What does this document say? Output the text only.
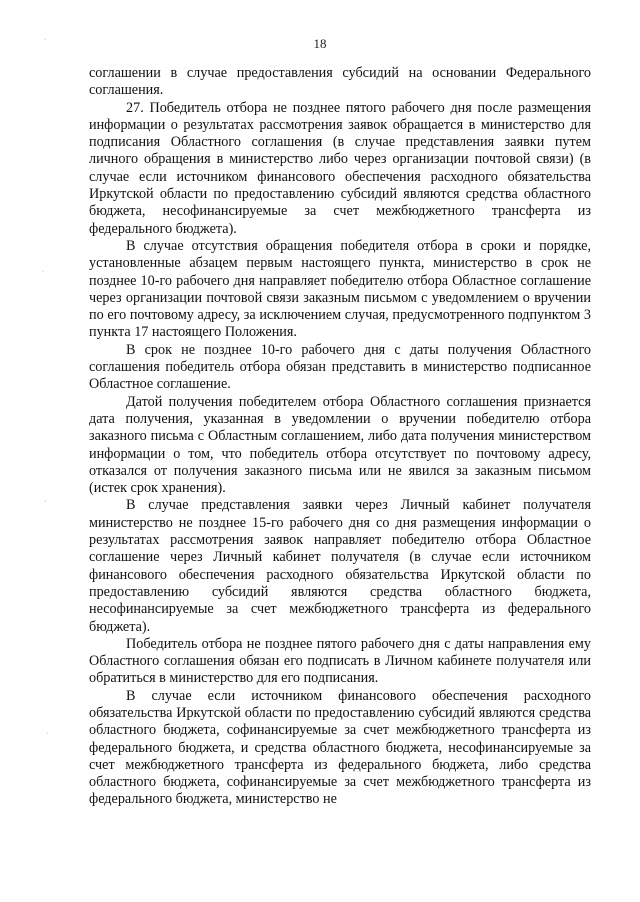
18
·
·
·
·

соглашении в случае предоставления субсидий на основании Федерального соглашения.

27. Победитель отбора не позднее пятого рабочего дня после размещения информации о результатах рассмотрения заявок обращается в министерство для подписания Областного соглашения (в случае представления заявки путем личного обращения в министерство либо через организации почтовой связи) (в случае если источником финансового обеспечения расходного обязательства Иркутской области по предоставлению субсидий являются средства областного бюджета, несофинансируемые за счет межбюджетного трансферта из федерального бюджета).

В случае отсутствия обращения победителя отбора в сроки и порядке, установленные абзацем первым настоящего пункта, министерство в срок не позднее 10-го рабочего дня направляет победителю отбора Областное соглашение через организации почтовой связи заказным письмом с уведомлением о вручении по его почтовому адресу, за исключением случая, предусмотренного подпунктом 3 пункта 17 настоящего Положения.

В срок не позднее 10-го рабочего дня с даты получения Областного соглашения победитель отбора обязан представить в министерство подписанное Областное соглашение.

Датой получения победителем отбора Областного соглашения признается дата получения, указанная в уведомлении о вручении победителю отбора заказного письма с Областным соглашением, либо дата получения министерством информации о том, что победитель отбора отсутствует по почтовому адресу, отказался от получения заказного письма или не явился за заказным письмом (истек срок хранения).

В случае представления заявки через Личный кабинет получателя министерство не позднее 15-го рабочего дня со дня размещения информации о результатах рассмотрения заявок направляет победителю отбора Областное соглашение через Личный кабинет получателя (в случае если источником финансового обеспечения расходного обязательства Иркутской области по предоставлению субсидий являются средства областного бюджета, несофинансируемые за счет межбюджетного трансферта из федерального бюджета).

Победитель отбора не позднее пятого рабочего дня с даты направления ему Областного соглашения обязан его подписать в Личном кабинете получателя или обратиться в министерство для его подписания.

В случае если источником финансового обеспечения расходного обязательства Иркутской области по предоставлению субсидий являются средства областного бюджета, софинансируемые за счет межбюджетного трансферта из федерального бюджета, и средства областного бюджета, несофинансируемые за счет межбюджетного трансферта из федерального бюджета, либо средства областного бюджета, софинансируемые за счет межбюджетного трансферта из федерального бюджета, министерство не
